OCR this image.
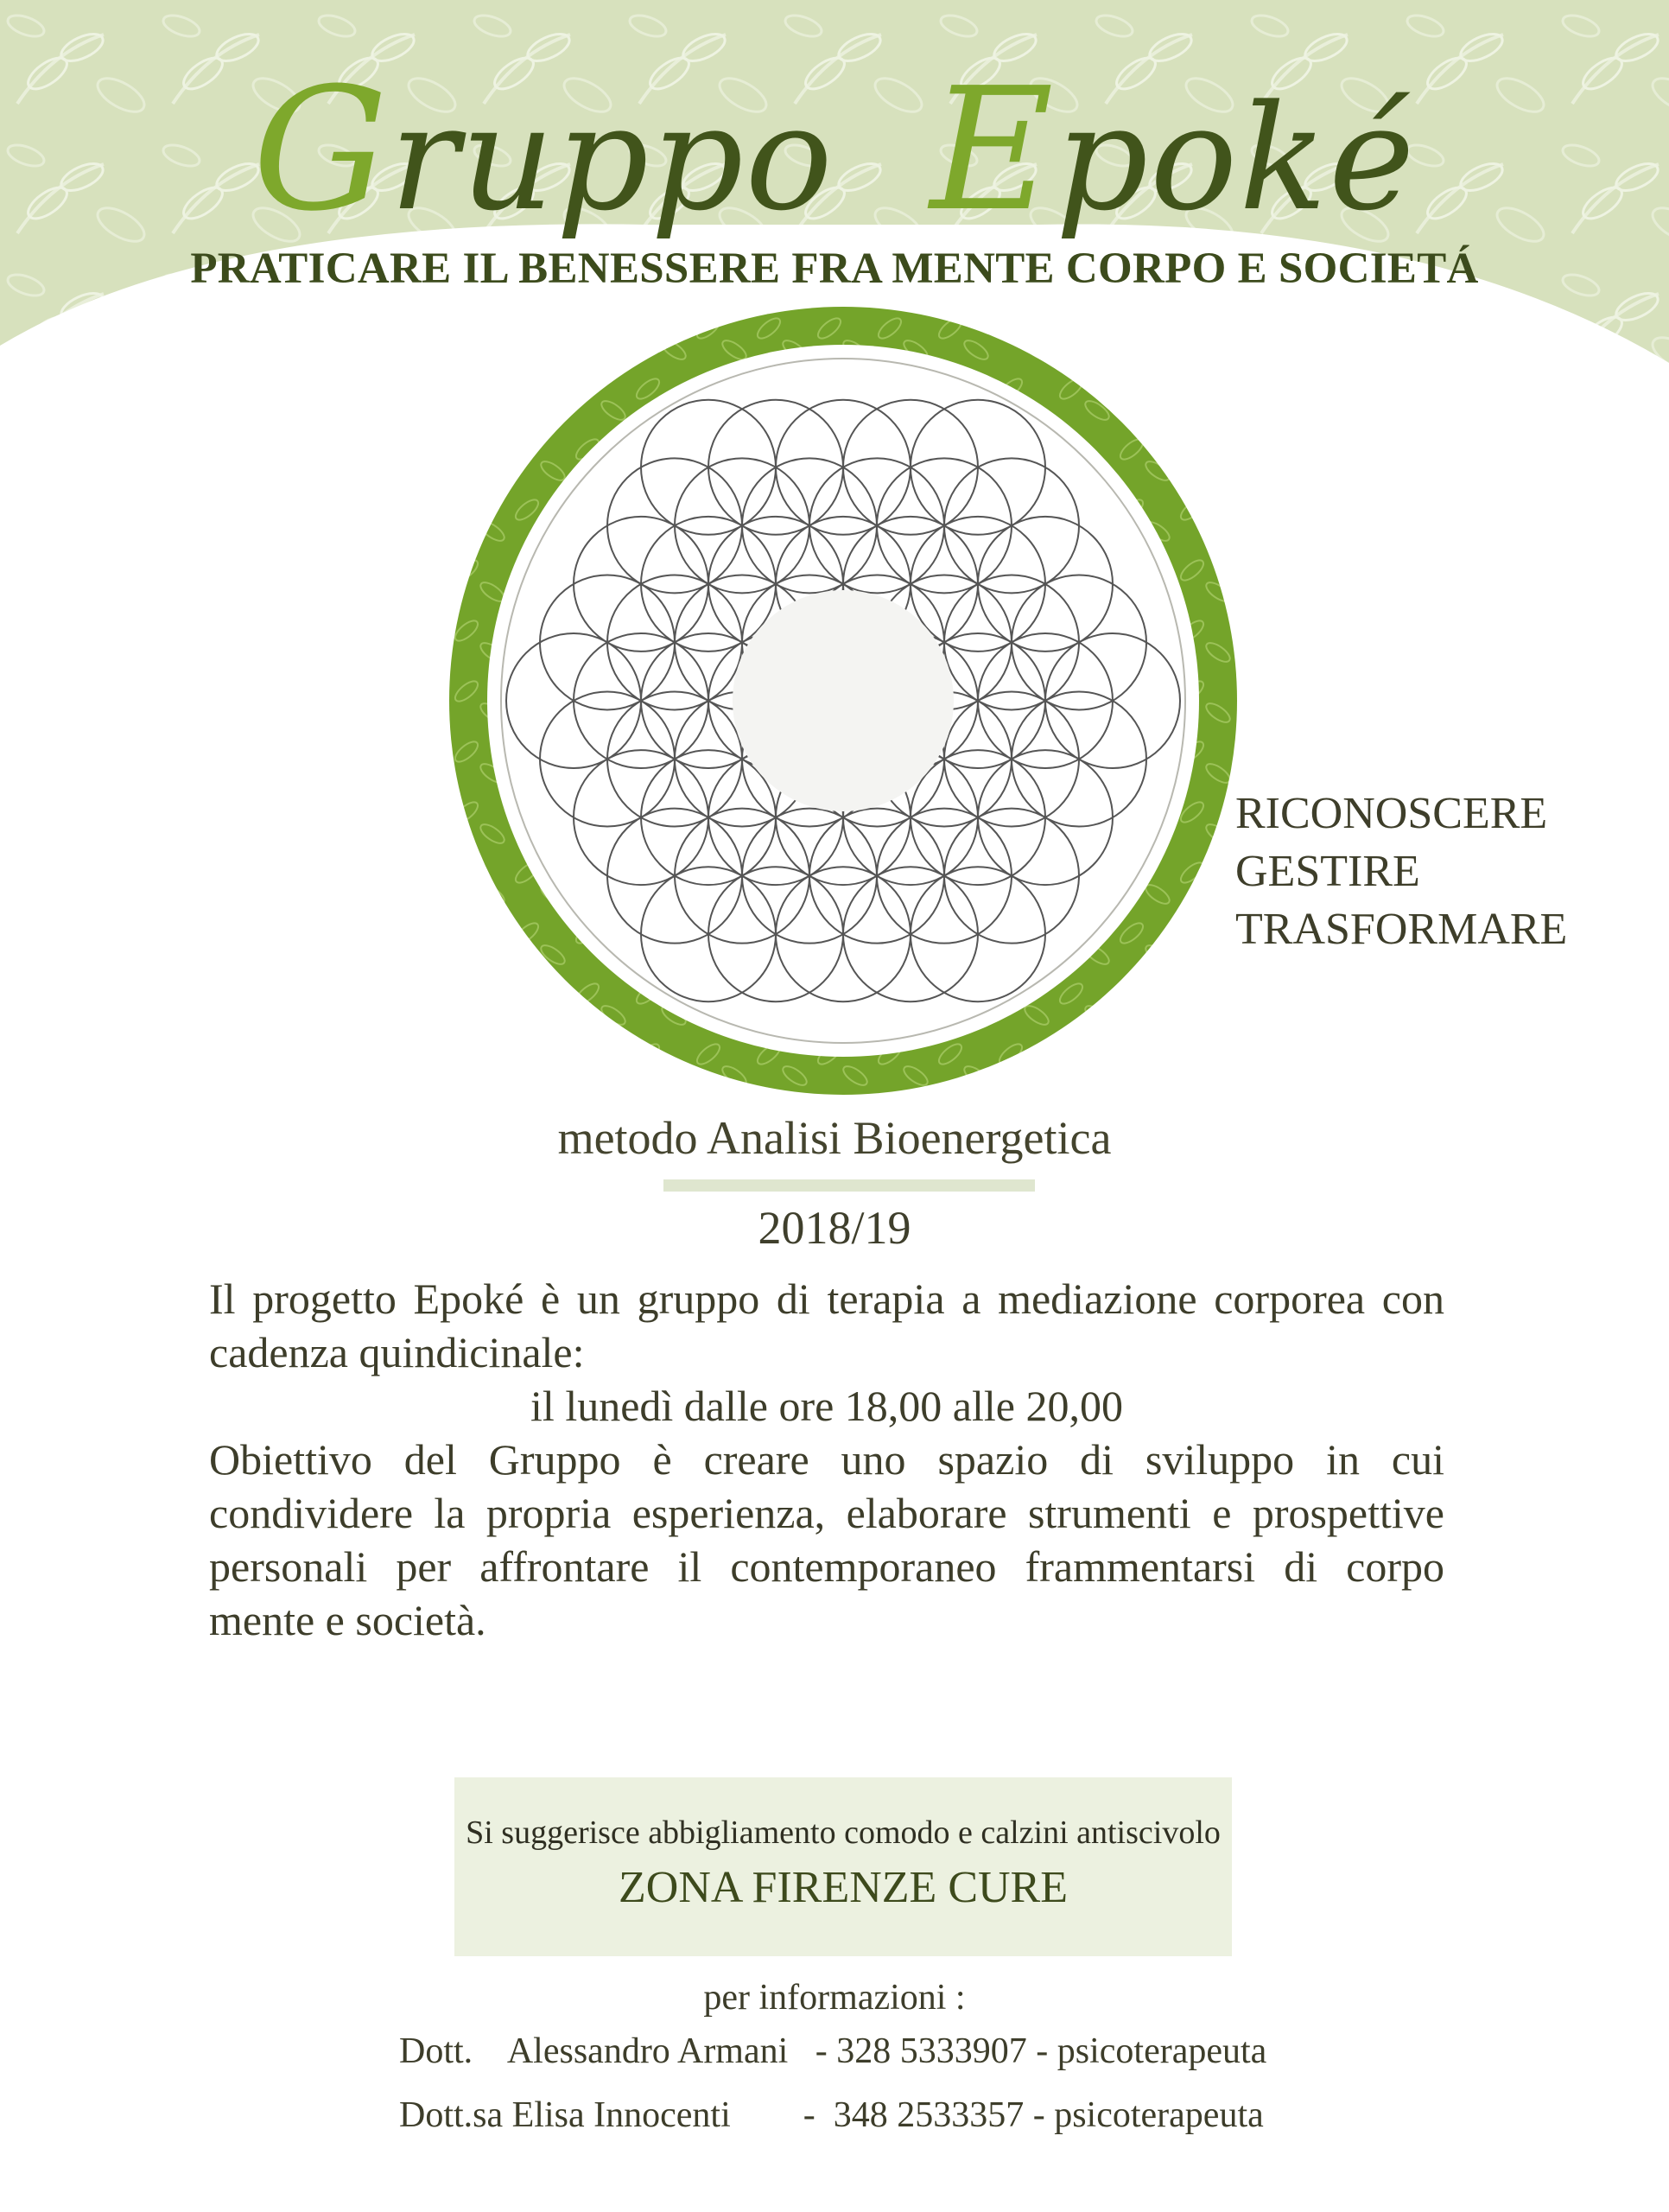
Gruppo Epoké
PRATICARE IL BENESSERE FRA MENTE CORPO E SOCIETÁ
RICONOSCERE
GESTIRE
TRASFORMARE
metodo Analisi Bioenergetica
2018/19
Il progetto Epoké è un gruppo di terapia a mediazione corporea con
cadenza quindicinale:
il lunedì dalle ore 18,00 alle 20,00
Obiettivo del Gruppo è creare uno spazio di sviluppo in cui
condividere la propria esperienza, elaborare strumenti e prospettive
personali per affrontare il contemporaneo frammentarsi di corpo
mente e società.
Si suggerisce abbigliamento comodo e calzini antiscivolo
ZONA FIRENZE CURE
per informazioni :
Dott.    Alessandro Armani   - 328 5333907 - psicoterapeuta
Dott.sa Elisa Innocenti        -  348 2533357 - psicoterapeuta
